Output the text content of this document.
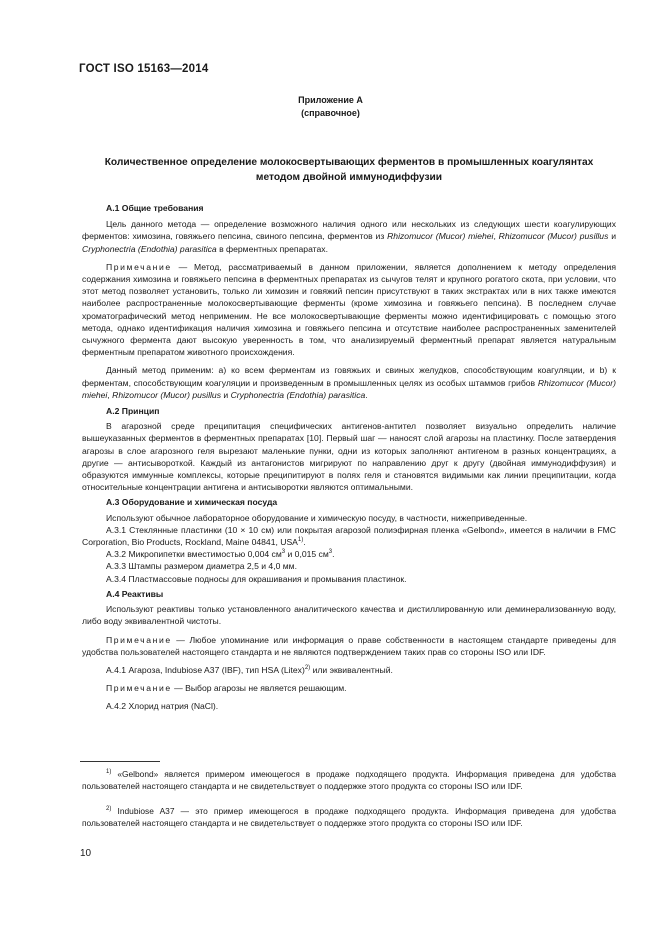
ГОСТ ISO 15163—2014
Приложение А
(справочное)
Количественное определение молокосвертывающих ферментов в промышленных коагулянтах
методом двойной иммунодиффузии

А.1 Общие требования

Цель данного метода — определение возможного наличия одного или нескольких из следующих шести коагулирующих ферментов: химозина, говяжьего пепсина, свиного пепсина, ферментов из Rhizomucor (Mucor) miehei, Rhizomucor (Mucor) pusillus и Cryphonectria (Endothia) parasitica в ферментных препаратах.

Примечание — Метод, рассматриваемый в данном приложении, является дополнением к методу определения содержания химозина и говяжьего пепсина в ферментных препаратах из сычугов телят и крупного рогатого скота, при условии, что этот метод позволяет установить, только ли химозин и говяжий пепсин присутствуют в таких экстрактах или в них также имеются наиболее распространенные молокосвертывающие ферменты (кроме химозина и говяжьего пепсина). В последнем случае хроматографический метод неприменим. Не все молокосвертывающие ферменты можно идентифицировать с помощью этого метода, однако идентификация наличия химозина и говяжьего пепсина и отсутствие наиболее распространенных заменителей сычужного фермента дают высокую уверенность в том, что анализируемый ферментный препарат является натуральным ферментным препаратом животного происхождения.

Данный метод применим: а) ко всем ферментам из говяжьих и свиных желудков, способствующим коагуляции, и b) к ферментам, способствующим коагуляции и произведенным в промышленных целях из особых штаммов грибов Rhizomucor (Mucor) miehei, Rhizomucor (Mucor) pusillus и Cryphonectria (Endothia) parasitica.

А.2 Принцип

В агарозной среде преципитация специфических антигенов-антител позволяет визуально определить наличие вышеуказанных ферментов в ферментных препаратах [10]. Первый шаг — наносят слой агарозы на пластинку. После затвердения агарозы в слое агарозного геля вырезают маленькие пунки, одни из которых заполняют антигеном в разных концентрациях, а другие — антисывороткой. Каждый из антагонистов мигрируют по направлению друг к другу (двойная иммунодиффузия) и образуются иммунные комплексы, которые преципитируют в полях геля и становятся видимыми как линии преципитации, когда относительные концентрации антигена и антисыворотки являются оптимальными.

А.3 Оборудование и химическая посуда

Используют обычное лабораторное оборудование и химическую посуду, в частности, нижеприведенные.

А.3.1 Стеклянные пластинки (10 × 10 см) или покрытая агарозой полиэфирная пленка «Gelbond», имеется в наличии в FMC Corporation, Bio Products, Rockland, Maine 04841, USA$^{1)}$.

А.3.2 Микропипетки вместимостью 0,004 $см^3$ и 0,015 $см^3$.

А.3.3 Штампы размером диаметра 2,5 и 4,0 мм.

А.3.4 Пластмассовые подносы для окрашивания и промывания пластинок.

А.4 Реактивы

Используют реактивы только установленного аналитического качества и дистиллированную или деминерализованную воду, либо воду эквивалентной чистоты.

Примечание — Любое упоминание или информация о праве собственности в настоящем стандарте приведены для удобства пользователей настоящего стандарта и не являются подтверждением таких прав со стороны ISO или IDF.

А.4.1 Агароза, Indubiose A37 (IBF), тип HSA (Litex)$^{2)}$ или эквивалентный.

Примечание — Выбор агарозы не является решающим.

А.4.2 Хлорид натрия (NaCl).

$^{1)}$ «Gelbond» является примером имеющегося в продаже подходящего продукта. Информация приведена для удобства пользователей настоящего стандарта и не свидетельствует о поддержке этого продукта со стороны ISO или IDF.

$^{2)}$ Indubiose A37 — это пример имеющегося в продаже подходящего продукта. Информация приведена для удобства пользователей настоящего стандарта и не свидетельствует о поддержке этого продукта со стороны ISO или IDF.

10
